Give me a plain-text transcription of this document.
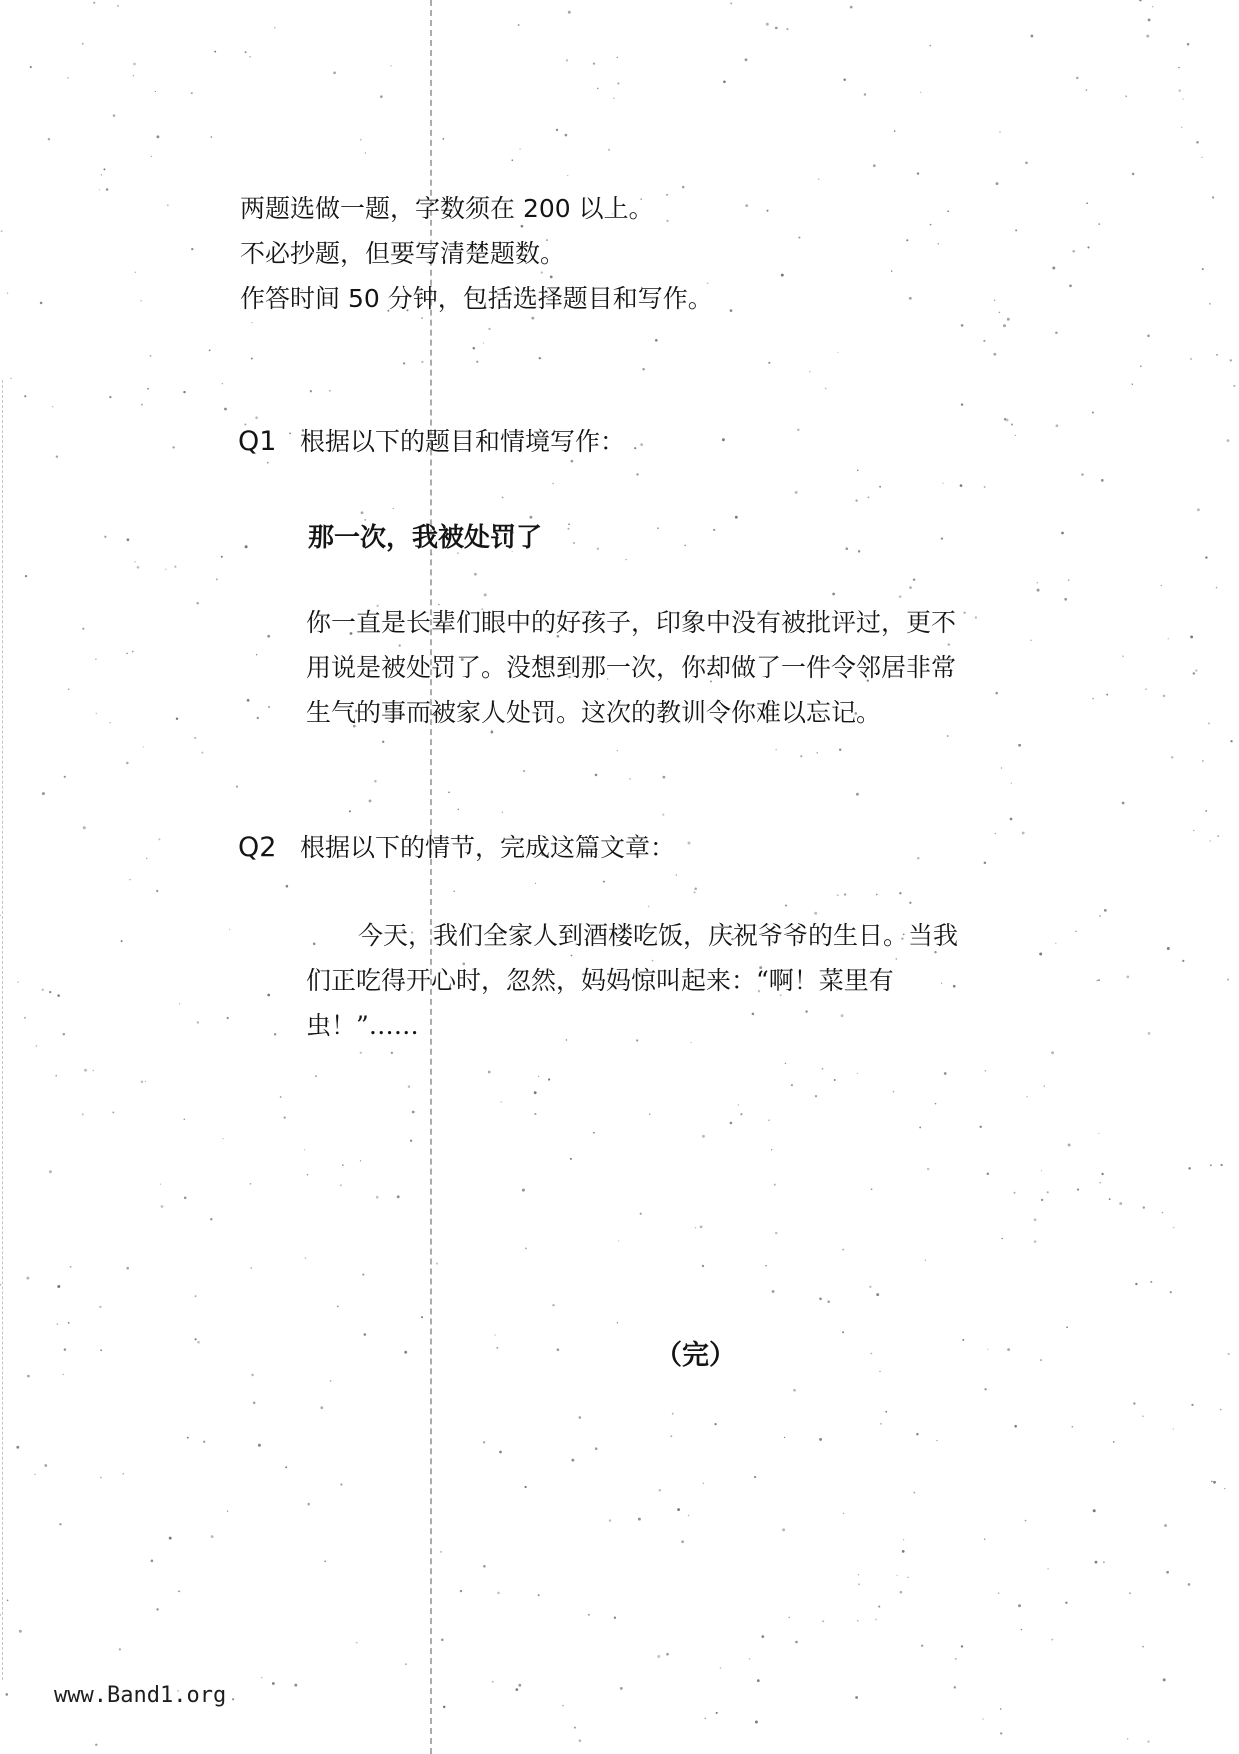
两题选做一题，字数须在 200 以上。
不必抄题，但要写清楚题数。
作答时间 50 分钟，包括选择题目和写作。
Q1 根据以下的题目和情境写作：
那一次，我被处罚了
你一直是长辈们眼中的好孩子，印象中没有被批评过，更不
用说是被处罚了。没想到那一次，你却做了一件令邻居非常
生气的事而被家人处罚。这次的教训令你难以忘记。
Q2 根据以下的情节，完成这篇文章：
今天，我们全家人到酒楼吃饭，庆祝爷爷的生日。当我
们正吃得开心时，忽然，妈妈惊叫起来：“啊！菜里有
虫！”……
（完）
www.Band1.org
